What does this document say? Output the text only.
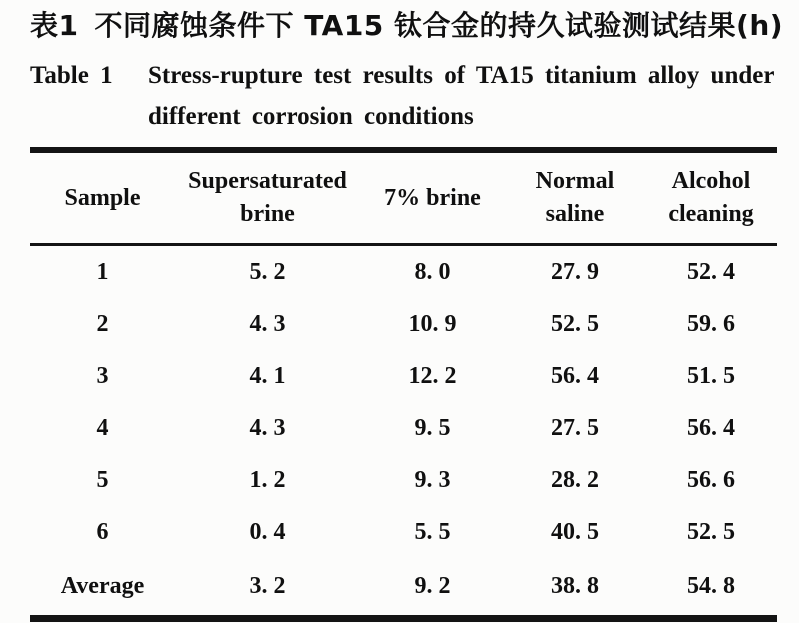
表1 不同腐蚀条件下 TA15 钛合金的持久试验测试结果(h)
Table 1	Stress-rupture test results of TA15 titanium alloy under
different corrosion conditions
Sample	Supersaturated brine	7% brine	Normal saline	Alcohol cleaning
1	5. 2	8. 0	27. 9	52. 4
2	4. 3	10. 9	52. 5	59. 6
3	4. 1	12. 2	56. 4	51. 5
4	4. 3	9. 5	27. 5	56. 4
5	1. 2	9. 3	28. 2	56. 6
6	0. 4	5. 5	40. 5	52. 5
Average	3. 2	9. 2	38. 8	54. 8
